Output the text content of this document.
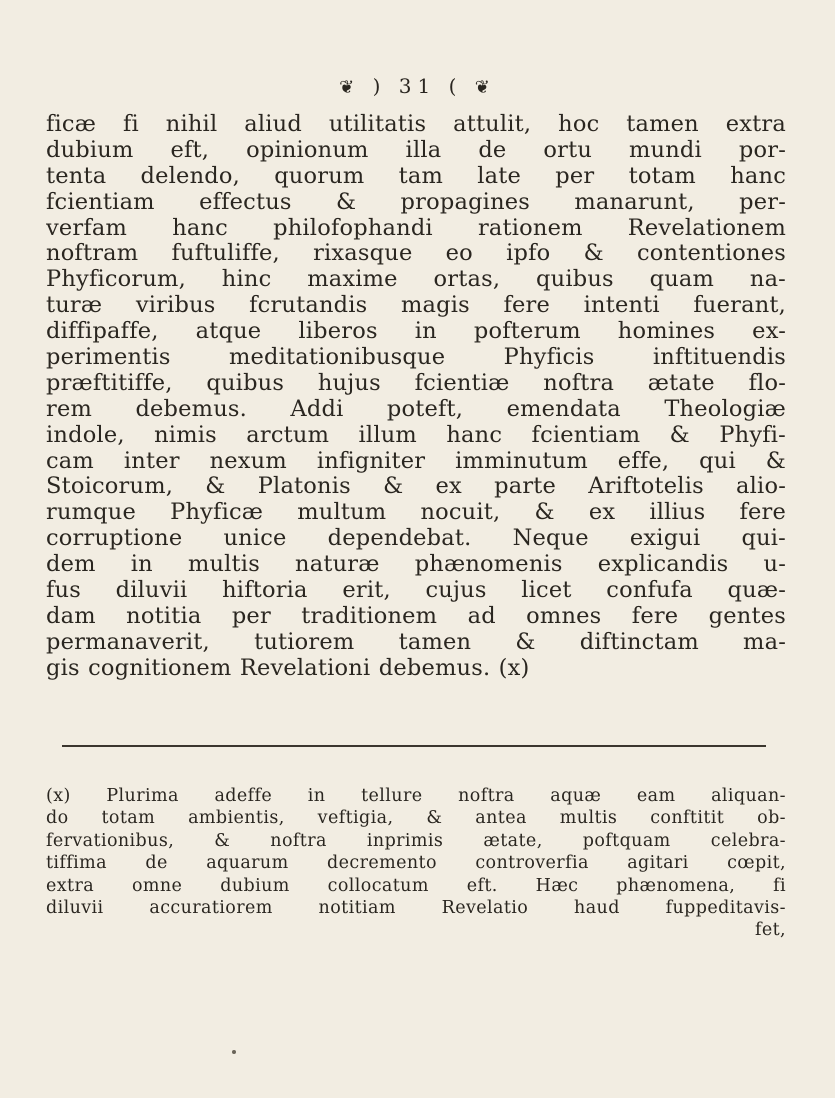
❦ ) 31 ( ❦
ficæ fi nihil aliud utilitatis attulit, hoc tamen extra
dubium eft, opinionum illa de ortu mundi por-
tenta delendo, quorum tam late per totam hanc
fcientiam effectus & propagines manarunt, per-
verfam hanc philofophandi rationem Revelationem
noftram fuftuliffe, rixasque eo ipfo & contentiones
Phyficorum, hinc maxime ortas, quibus quam na-
turæ viribus fcrutandis magis fere intenti fuerant,
diffipaffe, atque liberos in pofterum homines ex-
perimentis meditationibusque Phyficis inftituendis
præftitiffe, quibus hujus fcientiæ noftra ætate flo-
rem debemus. Addi poteft, emendata Theologiæ
indole, nimis arctum illum hanc fcientiam & Phyfi-
cam inter nexum infigniter imminutum effe, qui &
Stoicorum, & Platonis & ex parte Ariftotelis alio-
rumque Phyficæ multum nocuit, & ex illius fere
corruptione unice dependebat. Neque exigui qui-
dem in multis naturæ phænomenis explicandis u-
fus diluvii hiftoria erit, cujus licet confufa quæ-
dam notitia per traditionem ad omnes fere gentes
permanaverit, tutiorem tamen & diftinctam ma-
gis cognitionem Revelationi debemus. (x)
(x) Plurima adeffe in tellure noftra aquæ eam aliquan-
do totam ambientis, veftigia, & antea multis conftitit ob-
fervationibus, & noftra inprimis ætate, poftquam celebra-
tiffima de aquarum decremento controverfia agitari cœpit,
extra omne dubium collocatum eft. Hæc phænomena, fi
diluvii accuratiorem notitiam Revelatio haud fuppeditavis-
fet,
